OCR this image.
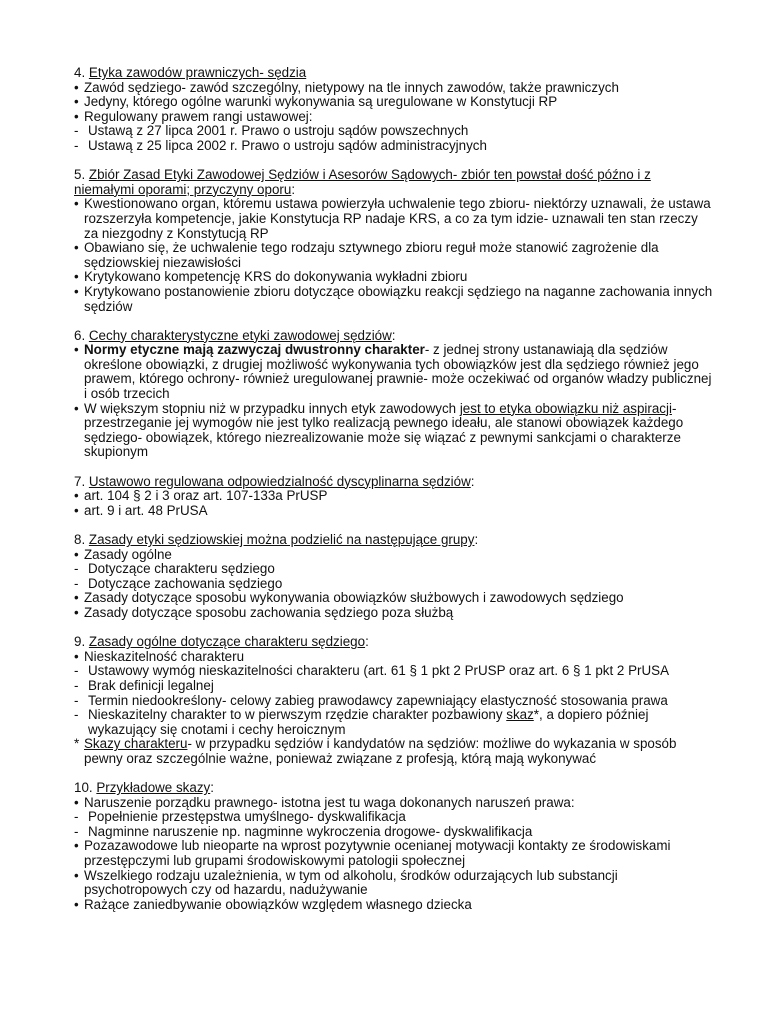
4. Etyka zawodów prawniczych- sędzia
• Zawód sędziego- zawód szczególny, nietypowy na tle innych zawodów, także prawniczych
• Jedyny, którego ogólne warunki wykonywania są uregulowane w Konstytucji RP
• Regulowany prawem rangi ustawowej:
- Ustawą z 27 lipca 2001 r. Prawo o ustroju sądów powszechnych
- Ustawą z 25 lipca 2002 r. Prawo o ustroju sądów administracyjnych
5. Zbiór Zasad Etyki Zawodowej Sędziów i Asesorów Sądowych- zbiór ten powstał dość późno i z niemałymi oporami; przyczyny oporu:
• Kwestionowano organ, któremu ustawa powierzyła uchwalenie tego zbioru- niektórzy uznawali, że ustawa rozszerzyła kompetencje, jakie Konstytucja RP nadaje KRS, a co za tym idzie- uznawali ten stan rzeczy za niezgodny z Konstytucją RP
• Obawiano się, że uchwalenie tego rodzaju sztywnego zbioru reguł może stanowić zagrożenie dla sędziowskiej niezawisłości
• Krytykowano kompetencję KRS do dokonywania wykładni zbioru
• Krytykowano postanowienie zbioru dotyczące obowiązku reakcji sędziego na naganne zachowania innych sędziów
6. Cechy charakterystyczne etyki zawodowej sędziów:
• Normy etyczne mają zazwyczaj dwustronny charakter- z jednej strony ustanawiają dla sędziów określone obowiązki, z drugiej możliwość wykonywania tych obowiązków jest dla sędziego również jego prawem, którego ochrony- również uregulowanej prawnie- może oczekiwać od organów władzy publicznej i osób trzecich
• W większym stopniu niż w przypadku innych etyk zawodowych jest to etyka obowiązku niż aspiracji- przestrzeganie jej wymogów nie jest tylko realizacją pewnego ideału, ale stanowi obowiązek każdego sędziego- obowiązek, którego niezrealizowanie może się wiązać z pewnymi sankcjami o charakterze skupionym
7. Ustawowo regulowana odpowiedzialność dyscyplinarna sędziów:
• art. 104 § 2 i 3 oraz art. 107-133a PrUSP
• art. 9 i art. 48 PrUSA
8. Zasady etyki sędziowskiej można podzielić na następujące grupy:
• Zasady ogólne
- Dotyczące charakteru sędziego
- Dotyczące zachowania sędziego
• Zasady dotyczące sposobu wykonywania obowiązków służbowych i zawodowych sędziego
• Zasady dotyczące sposobu zachowania sędziego poza służbą
9. Zasady ogólne dotyczące charakteru sędziego:
• Nieskazitelność charakteru
- Ustawowy wymóg nieskazitelności charakteru (art. 61 § 1 pkt 2 PrUSP oraz art. 6 § 1 pkt 2 PrUSA
- Brak definicji legalnej
- Termin niedookreślony- celowy zabieg prawodawcy zapewniający elastyczność stosowania prawa
- Nieskazitelny charakter to w pierwszym rzędzie charakter pozbawiony skaz*, a dopiero później wykazujący się cnotami i cechy heroicznym
* Skazy charakteru- w przypadku sędziów i kandydatów na sędziów: możliwe do wykazania w sposób pewny oraz szczególnie ważne, ponieważ związane z profesją, którą mają wykonywać
10. Przykładowe skazy:
• Naruszenie porządku prawnego- istotna jest tu waga dokonanych naruszeń prawa:
- Popełnienie przestępstwa umyślnego- dyskwalifikacja
- Nagminne naruszenie np. nagminne wykroczenia drogowe- dyskwalifikacja
• Pozazawodowe lub nieoparte na wprost pozytywnie ocenianej motywacji kontakty ze środowiskami przestępczymi lub grupami środowiskowymi patologii społecznej
• Wszelkiego rodzaju uzależnienia, w tym od alkoholu, środków odurzających lub substancji psychotropowych czy od hazardu, nadużywanie
• Rażące zaniedbywanie obowiązków względem własnego dziecka
